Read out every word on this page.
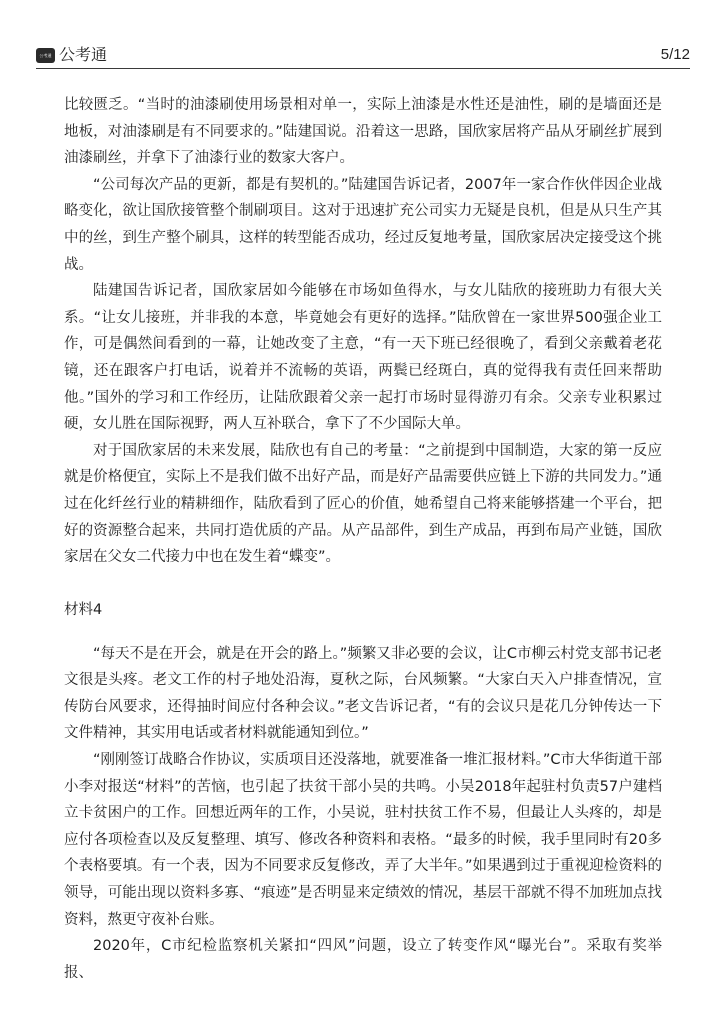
公考通 公考通	5/12

比较匮乏。“当时的油漆刷使用场景相对单一，实际上油漆是水性还是油性，刷的是墙面还是地板，对油漆刷是有不同要求的。”陆建国说。沿着这一思路，国欣家居将产品从牙刷丝扩展到油漆刷丝，并拿下了油漆行业的数家大客户。

“公司每次产品的更新，都是有契机的。”陆建国告诉记者，2007年一家合作伙伴因企业战略变化，欲让国欣接管整个制刷项目。这对于迅速扩充公司实力无疑是良机，但是从只生产其中的丝，到生产整个刷具，这样的转型能否成功，经过反复地考量，国欣家居决定接受这个挑战。

陆建国告诉记者，国欣家居如今能够在市场如鱼得水，与女儿陆欣的接班助力有很大关系。“让女儿接班，并非我的本意，毕竟她会有更好的选择。”陆欣曾在一家世界500强企业工作，可是偶然间看到的一幕，让她改变了主意，“有一天下班已经很晚了，看到父亲戴着老花镜，还在跟客户打电话，说着并不流畅的英语，两鬓已经斑白，真的觉得我有责任回来帮助他。”国外的学习和工作经历，让陆欣跟着父亲一起打市场时显得游刃有余。父亲专业积累过硬，女儿胜在国际视野，两人互补联合，拿下了不少国际大单。

对于国欣家居的未来发展，陆欣也有自己的考量：“之前提到中国制造，大家的第一反应就是价格便宜，实际上不是我们做不出好产品，而是好产品需要供应链上下游的共同发力。”通过在化纤丝行业的精耕细作，陆欣看到了匠心的价值，她希望自己将来能够搭建一个平台，把好的资源整合起来，共同打造优质的产品。从产品部件，到生产成品，再到布局产业链，国欣家居在父女二代接力中也在发生着“蝶变”。

材料4

“每天不是在开会，就是在开会的路上。”频繁又非必要的会议，让C市柳云村党支部书记老文很是头疼。老文工作的村子地处沿海，夏秋之际，台风频繁。“大家白天入户排查情况，宣传防台风要求，还得抽时间应付各种会议。”老文告诉记者，“有的会议只是花几分钟传达一下文件精神，其实用电话或者材料就能通知到位。”

“刚刚签订战略合作协议，实质项目还没落地，就要准备一堆汇报材料。”C市大华街道干部小李对报送“材料”的苦恼，也引起了扶贫干部小吴的共鸣。小吴2018年起驻村负责57户建档立卡贫困户的工作。回想近两年的工作，小吴说，驻村扶贫工作不易，但最让人头疼的，却是应付各项检查以及反复整理、填写、修改各种资料和表格。“最多的时候，我手里同时有20多个表格要填。有一个表，因为不同要求反复修改，弄了大半年。”如果遇到过于重视迎检资料的领导，可能出现以资料多寡、“痕迹”是否明显来定绩效的情况，基层干部就不得不加班加点找资料，熬更守夜补台账。

2020年，C市纪检监察机关紧扣“四风”问题，设立了转变作风“曝光台”。采取有奖举报、
